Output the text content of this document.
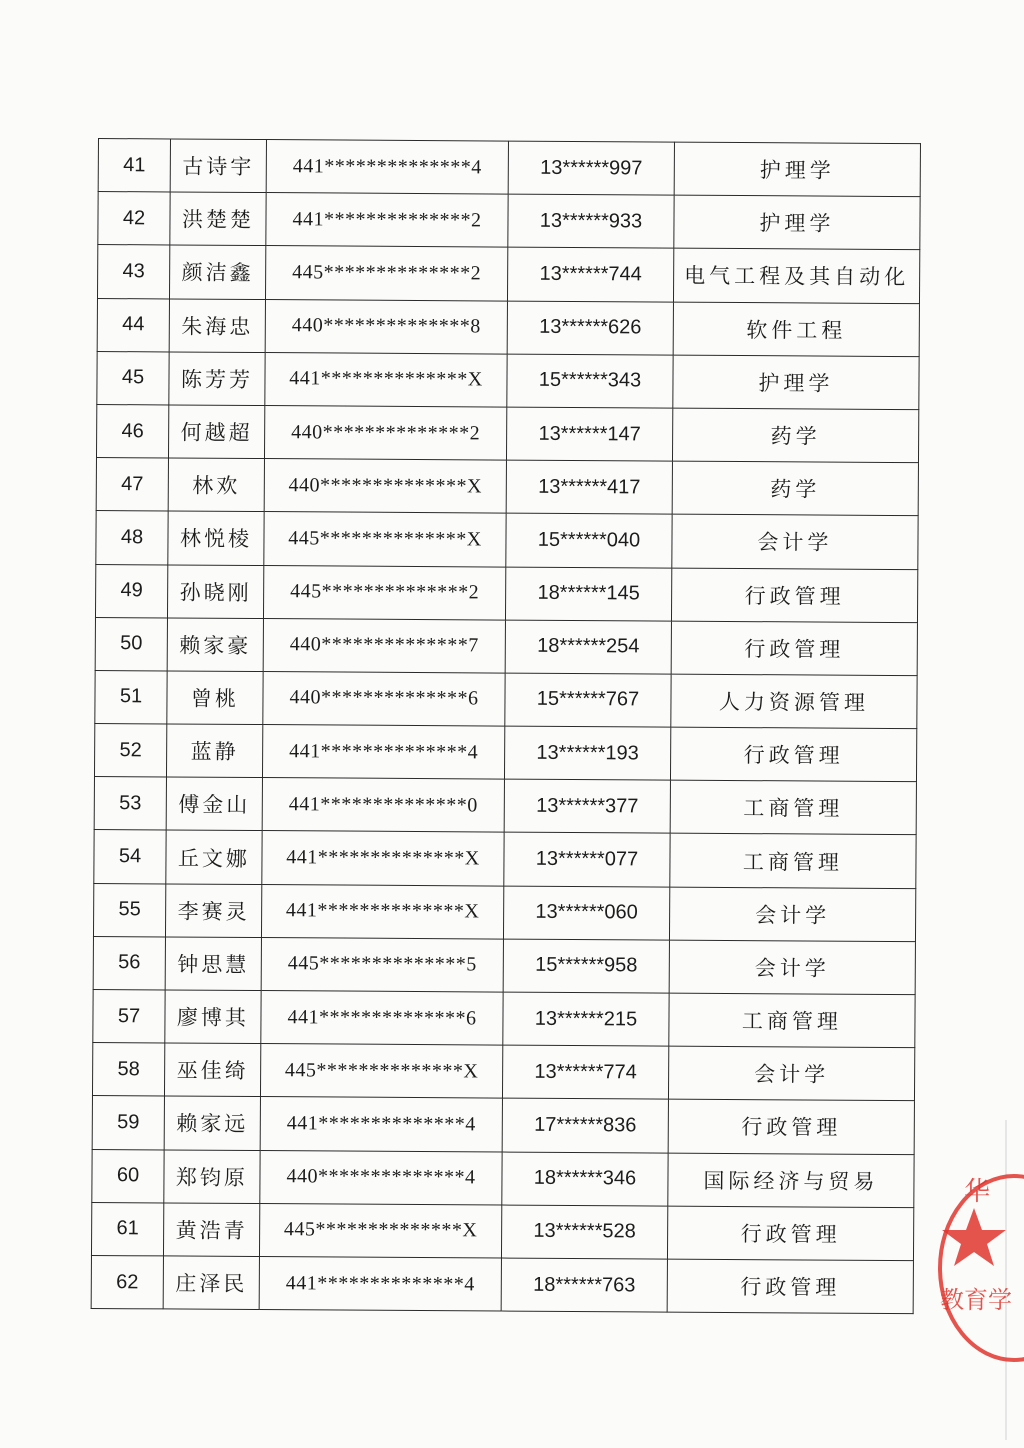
41	古诗宇	441**************4	13******997	护理学
42	洪楚楚	441**************2	13******933	护理学
43	颜洁鑫	445**************2	13******744	电气工程及其自动化
44	朱海忠	440**************8	13******626	软件工程
45	陈芳芳	441**************X	15******343	护理学
46	何越超	440**************2	13******147	药学
47	林欢	440**************X	13******417	药学
48	林悦棱	445**************X	15******040	会计学
49	孙晓刚	445**************2	18******145	行政管理
50	赖家豪	440**************7	18******254	行政管理
51	曾桃	440**************6	15******767	人力资源管理
52	蓝静	441**************4	13******193	行政管理
53	傅金山	441**************0	13******377	工商管理
54	丘文娜	441**************X	13******077	工商管理
55	李赛灵	441**************X	13******060	会计学
56	钟思慧	445**************5	15******958	会计学
57	廖博其	441**************6	13******215	工商管理
58	巫佳绮	445**************X	13******774	会计学
59	赖家远	441**************4	17******836	行政管理
60	郑钧原	440**************4	18******346	国际经济与贸易
61	黄浩青	445**************X	13******528	行政管理
62	庄泽民	441**************4	18******763	行政管理
华
教育学
